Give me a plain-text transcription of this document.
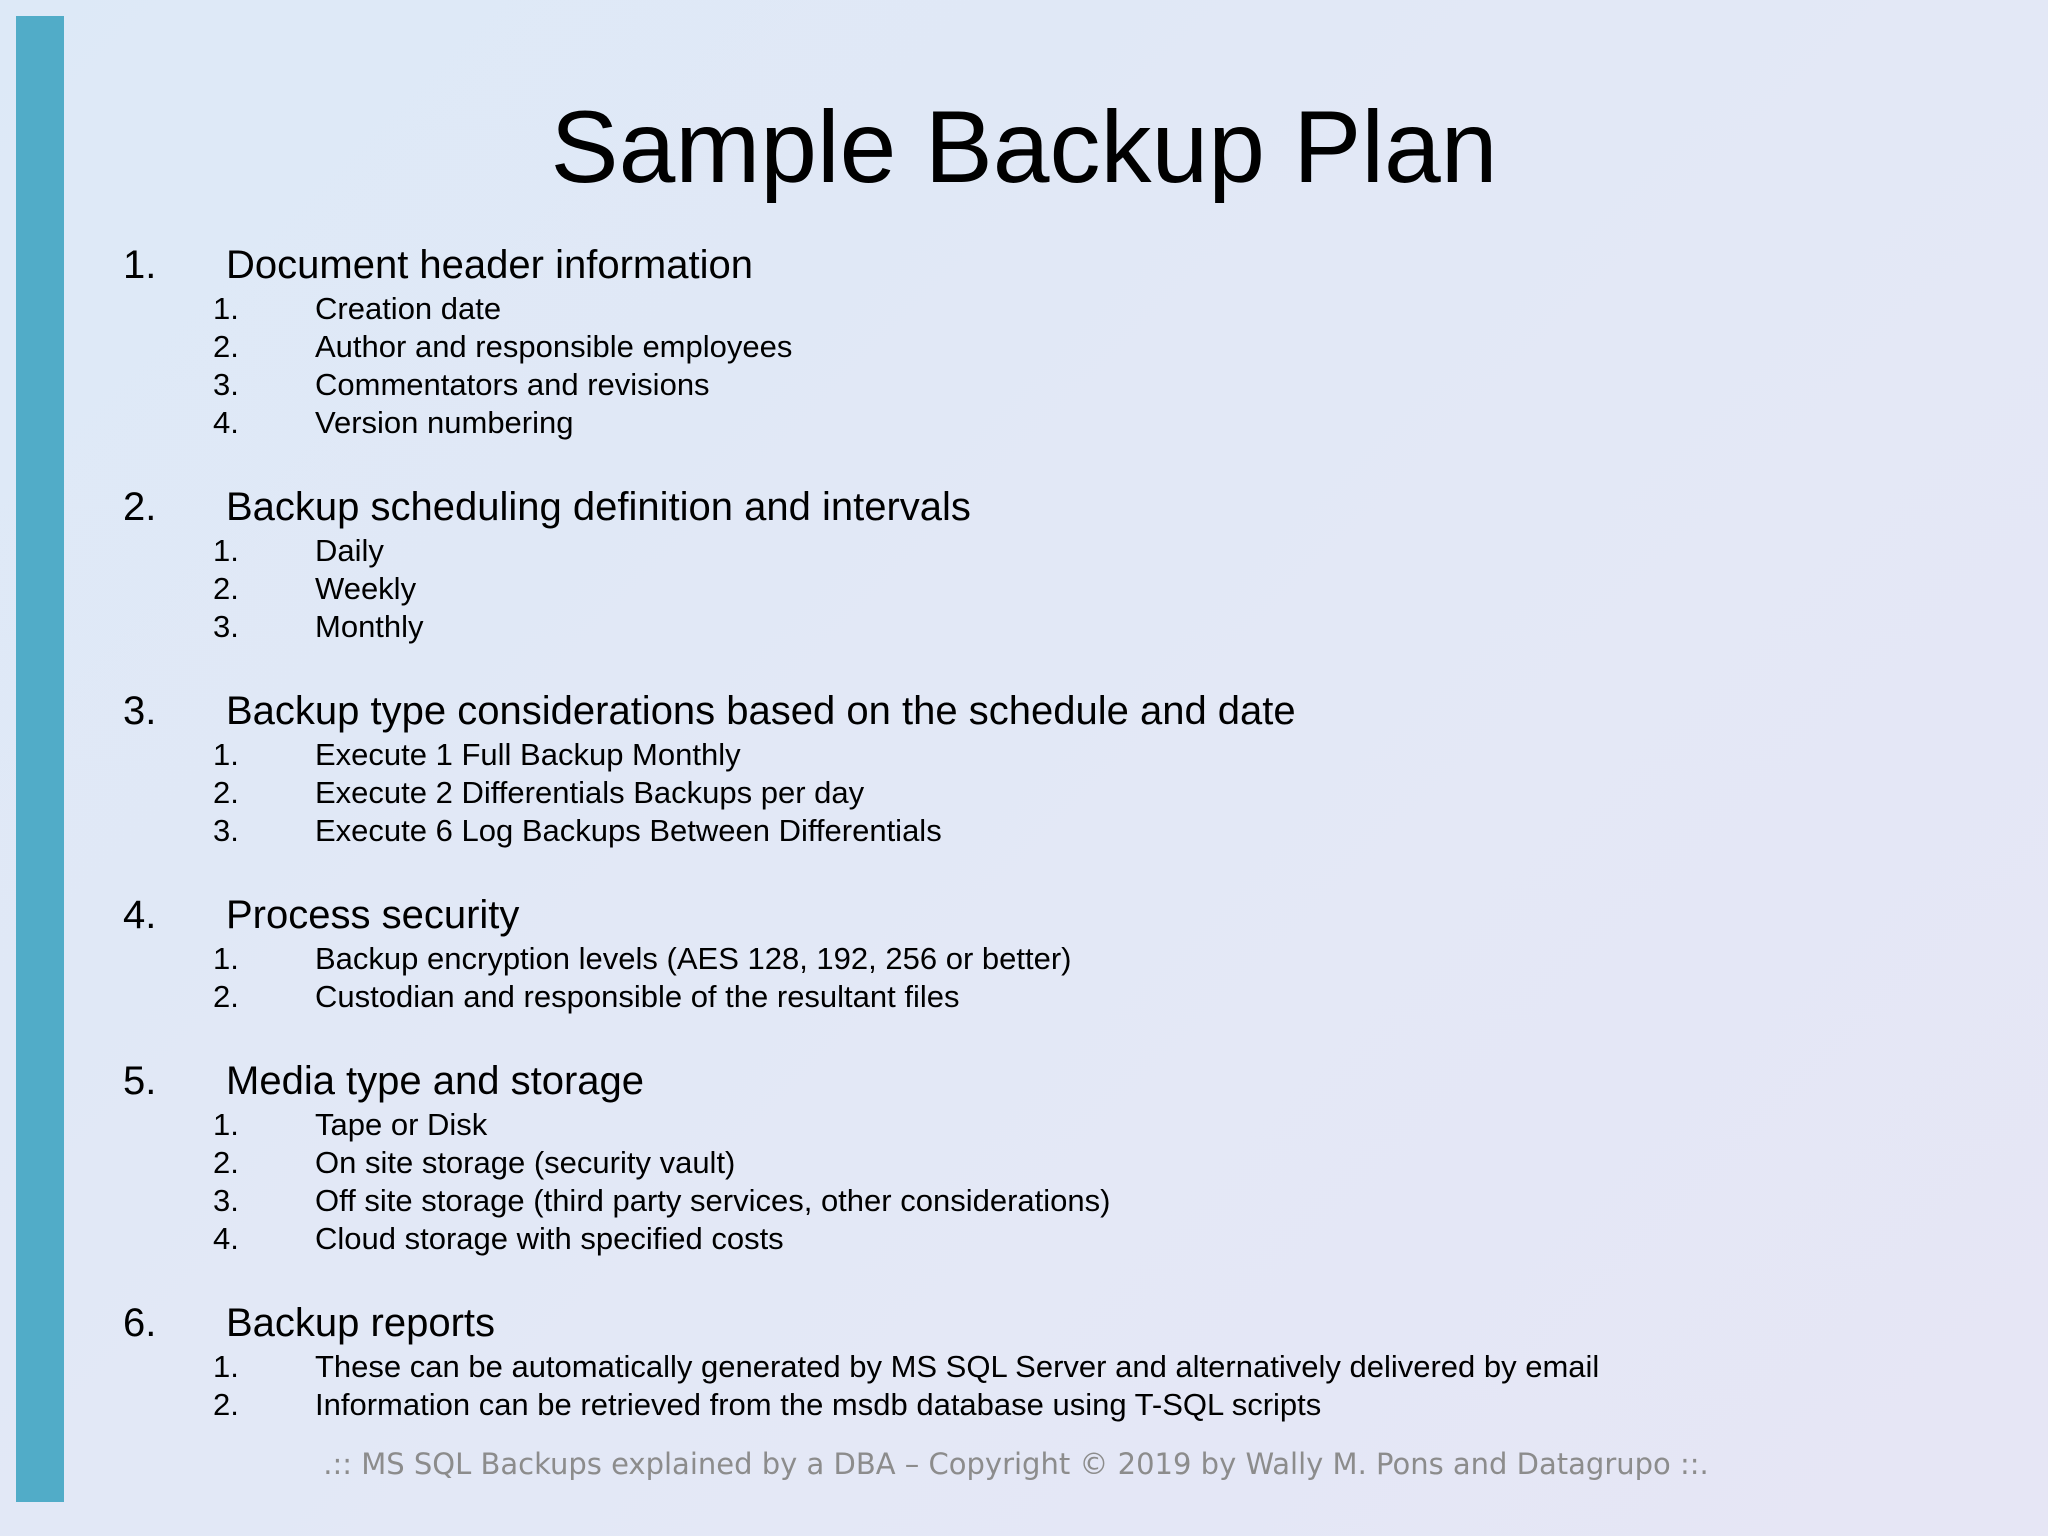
Sample Backup Plan
1.	Document header information
1.	Creation date
2.	Author and responsible employees
3.	Commentators and revisions
4.	Version numbering
2.	Backup scheduling definition and intervals
1.	Daily
2.	Weekly
3.	Monthly
3.	Backup type considerations based on the schedule and date
1.	Execute 1 Full Backup Monthly
2.	Execute 2 Differentials Backups per day
3.	Execute 6 Log Backups Between Differentials
4.	Process security
1.	Backup encryption levels (AES 128, 192, 256 or better)
2.	Custodian and responsible of the resultant files
5.	Media type and storage
1.	Tape or Disk
2.	On site storage (security vault)
3.	Off site storage (third party services, other considerations)
4.	Cloud storage with specified costs
6.	Backup reports
1.	These can be automatically generated by MS SQL Server and alternatively delivered by email
2.	Information can be retrieved from the msdb database using T-SQL scripts
.:: MS SQL Backups explained by a DBA – Copyright © 2019 by Wally M. Pons and Datagrupo ::.
